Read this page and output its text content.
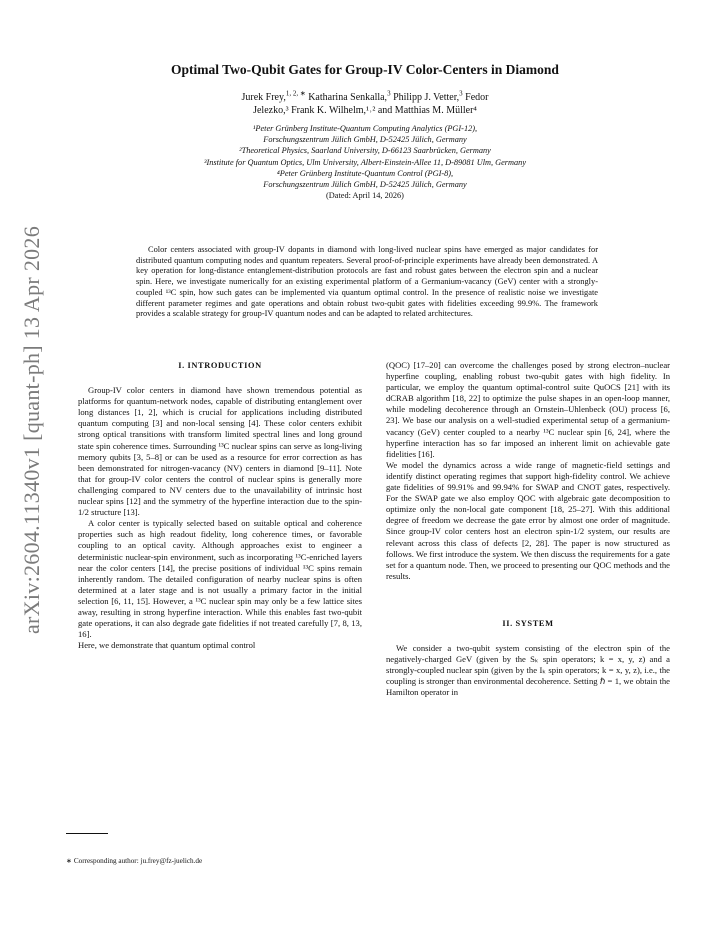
arXiv:2604.11340v1 [quant-ph] 13 Apr 2026
Optimal Two-Qubit Gates for Group-IV Color-Centers in Diamond
Jurek Frey,$^{1, 2, ∗}$ Katharina Senkalla,$^3$ Philipp J. Vetter,$^3$ Fedor
Jelezko,³ Frank K. Wilhelm,¹˒² and Matthias M. Müller⁴
¹Peter Grünberg Institute-Quantum Computing Analytics (PGI-12),
Forschungszentrum Jülich GmbH, D-52425 Jülich, Germany
²Theoretical Physics, Saarland University, D-66123 Saarbrücken, Germany
³Institute for Quantum Optics, Ulm University, Albert-Einstein-Allee 11, D-89081 Ulm, Germany
⁴Peter Grünberg Institute-Quantum Control (PGI-8),
Forschungszentrum Jülich GmbH, D-52425 Jülich, Germany
(Dated: April 14, 2026)
Color centers associated with group-IV dopants in diamond with long-lived nuclear spins have emerged as major candidates for distributed quantum computing nodes and quantum repeaters. Several proof-of-principle experiments have already been demonstrated. A key operation for long-distance entanglement-distribution protocols are fast and robust gates between the electron spin and a nuclear spin. Here, we investigate numerically for an existing experimental platform of a Germanium-vacancy (GeV) center with a strongly-coupled ¹³C spin, how such gates can be implemented via quantum optimal control. In the presence of realistic noise we investigate different parameter regimes and gate operations and obtain robust two-qubit gates with fidelities exceeding 99.9%. The framework provides a scalable strategy for group-IV quantum nodes and can be adapted to related architectures.

I. INTRODUCTION

Group-IV color centers in diamond have shown tremendous potential as platforms for quantum-network nodes, capable of distributing entanglement over long distances [1, 2], which is crucial for applications including distributed quantum computing [3] and non-local sensing [4]. These color centers exhibit strong optical transitions with transform limited spectral lines and long ground state spin coherence times. Surrounding ¹³C nuclear spins can serve as long-living memory qubits [3, 5–8] or can be used as a resource for error correction as has been demonstrated for nitrogen-vacancy (NV) centers in diamond [9–11]. Note that for group-IV color centers the control of nuclear spins is generally more challenging compared to NV centers due to the unavailability of intrinsic host nuclear spins [12] and the symmetry of the hyperfine interaction due to the spin-1/2 structure [13].

A color center is typically selected based on suitable optical and coherence properties such as high readout fidelity, long coherence times, or favorable coupling to an optical cavity. Although approaches exist to engineer a deterministic nuclear-spin environment, such as incorporating ¹³C-enriched layers near the color centers [14], the precise positions of individual ¹³C spins remain inherently random. The detailed configuration of nearby nuclear spins is often determined at a later stage and is not usually a primary factor in the initial selection [6, 11, 15]. However, a ¹³C nuclear spin may only be a few lattice sites away, resulting in strong hyperfine interaction. While this enables fast two-qubit gate operations, it can also degrade gate fidelities if not treated carefully [7, 8, 13, 16].

Here, we demonstrate that quantum optimal control

(QOC) [17–20] can overcome the challenges posed by strong electron–nuclear hyperfine coupling, enabling robust two-qubit gates with high fidelity. In particular, we employ the quantum optimal-control suite QuOCS [21] with its dCRAB algorithm [18, 22] to optimize the pulse shapes in an open-loop manner, while modeling decoherence through an Ornstein–Uhlenbeck (OU) process [6, 23]. We base our analysis on a well-studied experimental setup of a germanium-vacancy (GeV) center coupled to a nearby ¹³C nuclear spin [6, 24], where the hyperfine interaction has so far imposed an inherent limit on achievable gate fidelities [16].

We model the dynamics across a wide range of magnetic-field settings and identify distinct operating regimes that support high-fidelity control. We achieve gate fidelities of 99.91% and 99.94% for SWAP and CNOT gates, respectively. For the SWAP gate we also employ QOC with algebraic gate decomposition to optimize only the non-local gate component [18, 25–27]. With this additional degree of freedom we decrease the gate error by almost one order of magnitude. Since group-IV color centers host an electron spin-1/2 system, our results are relevant across this class of defects [2, 28]. The paper is now structured as follows. We first introduce the system. We then discuss the requirements for a gate set for a quantum node. Then, we proceed to presenting our QOC methods and the results.

II. SYSTEM

We consider a two-qubit system consisting of the electron spin of the negatively-charged GeV (given by the Sₖ spin operators; k = x, y, z) and a strongly-coupled nuclear spin (given by the Iₖ spin operators; k = x, y, z), i.e., the coupling is stronger than environmental decoherence. Setting ℏ = 1, we obtain the Hamilton operator in

∗ Corresponding author: ju.frey@fz-juelich.de
